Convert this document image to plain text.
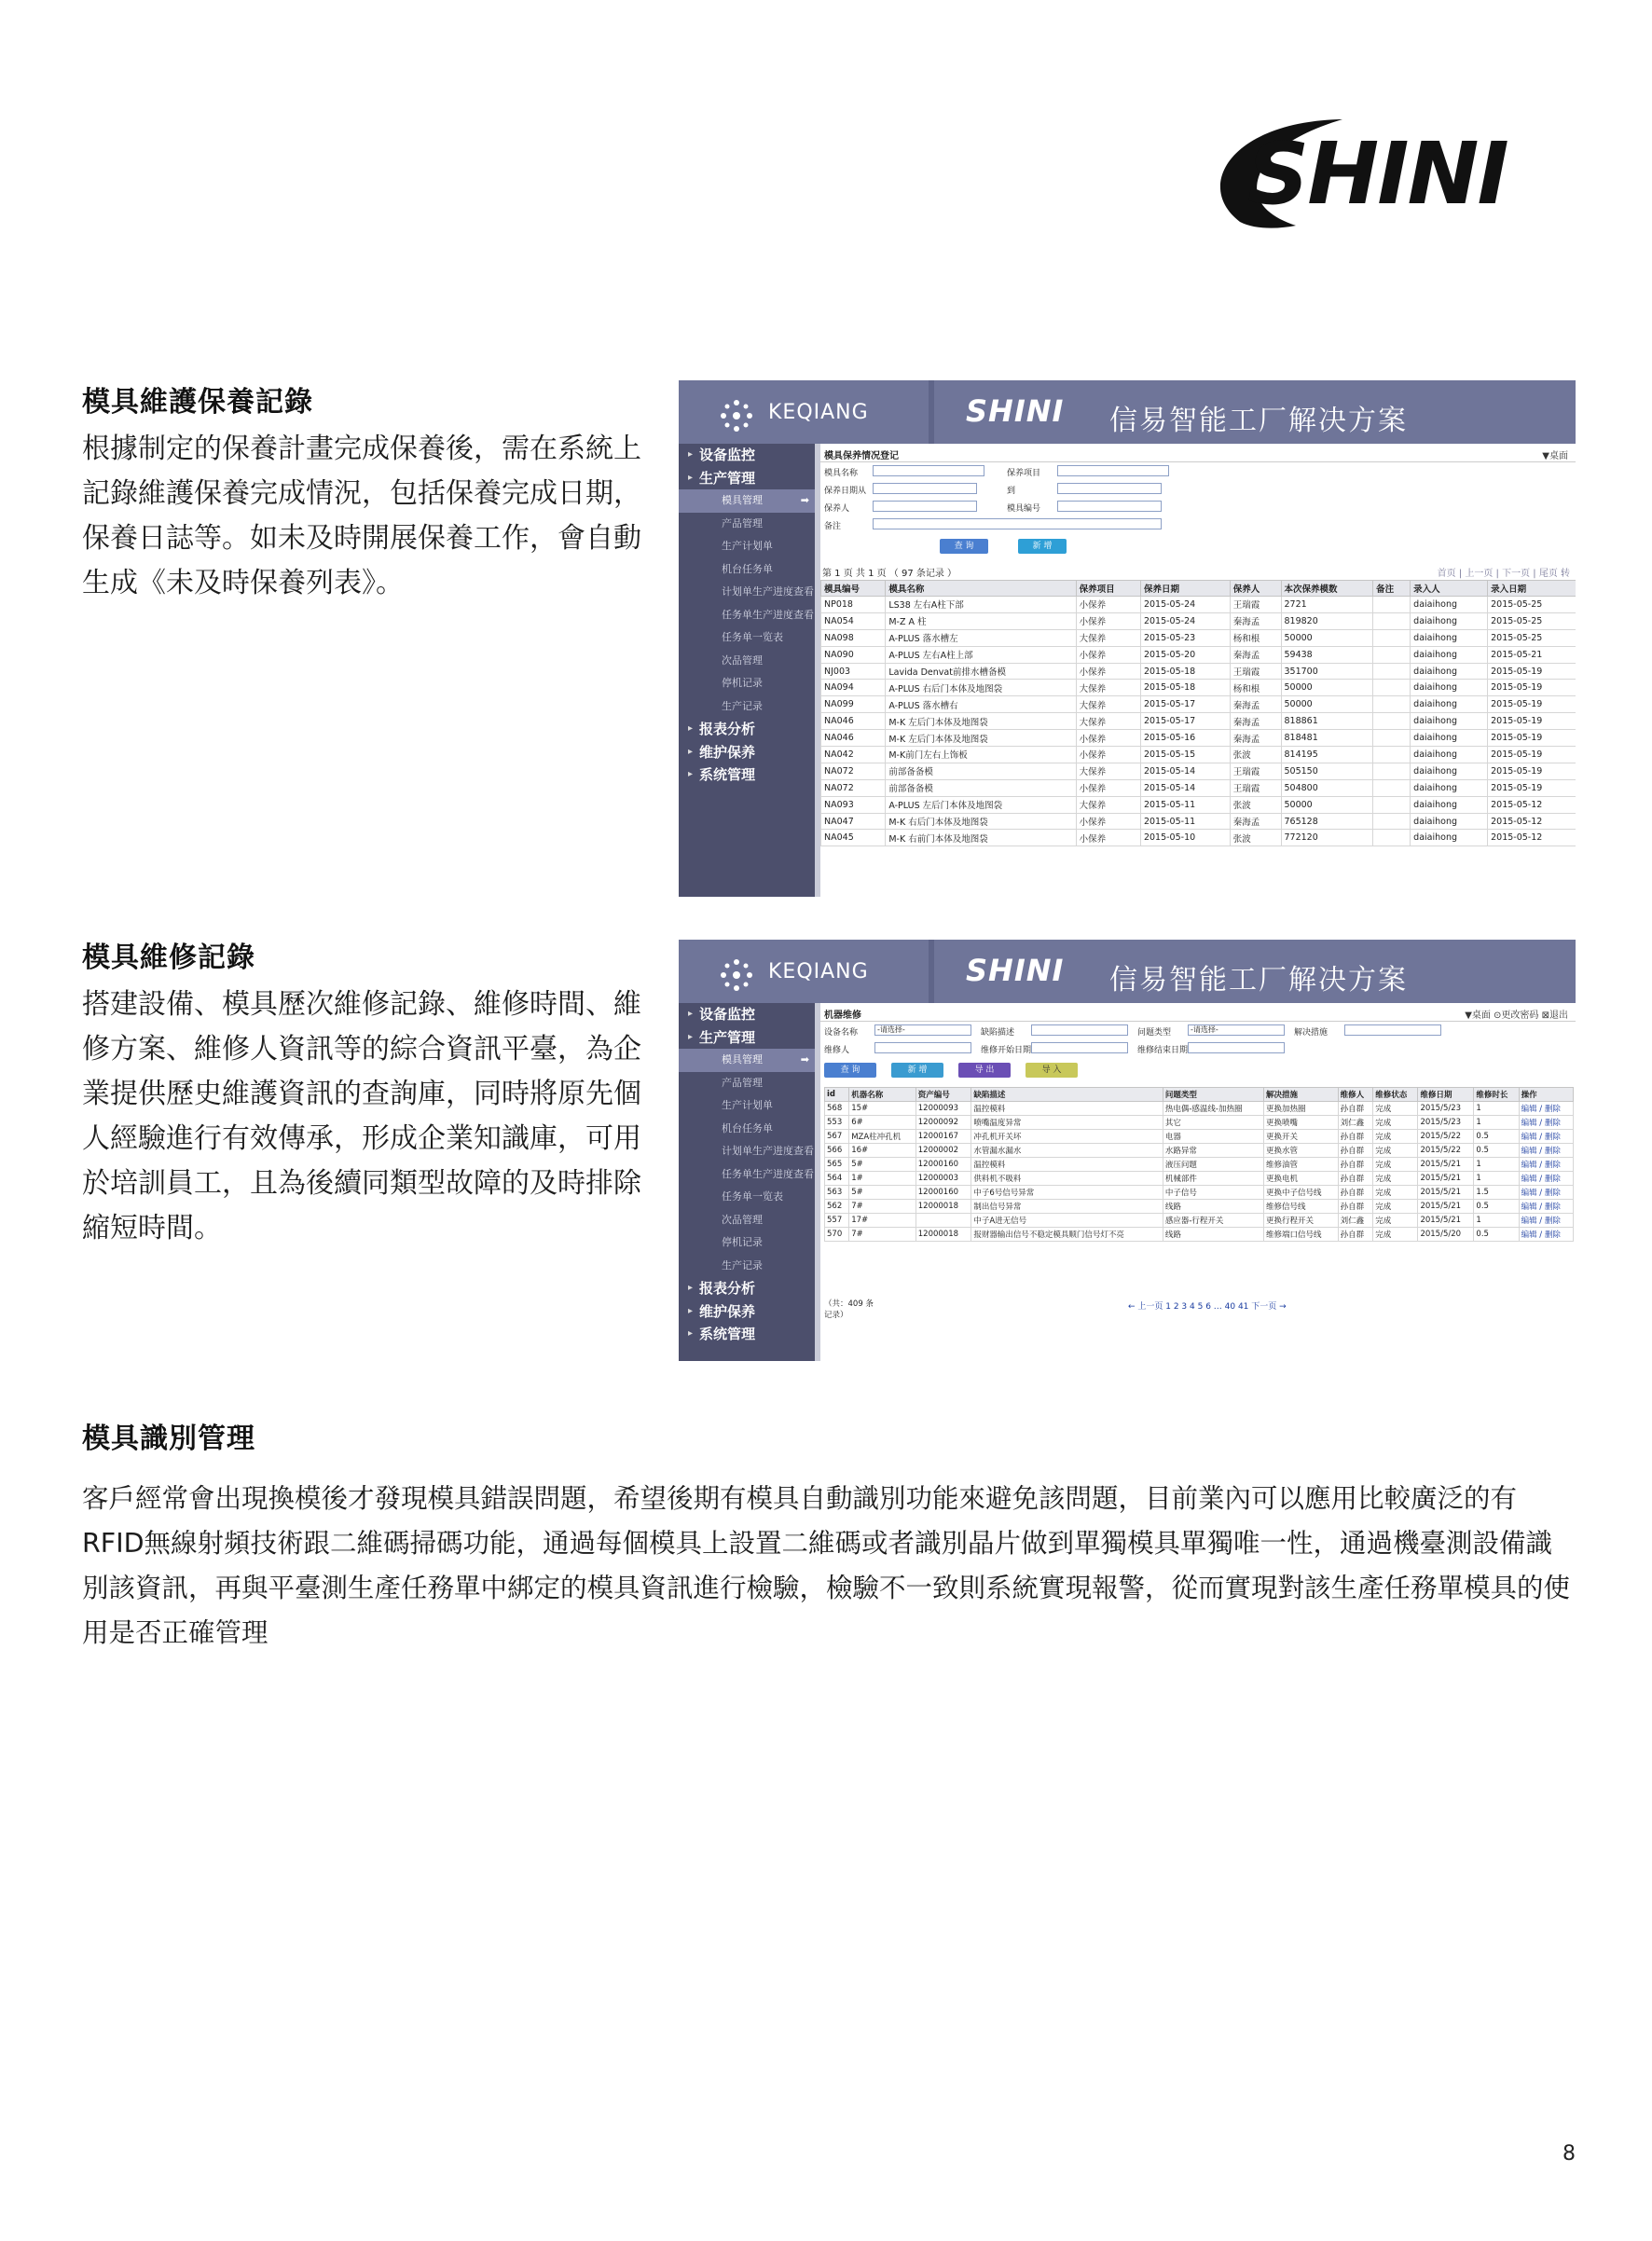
SHINI
模具維護保養記錄

根據制定的保養計畫完成保養後，需在系統上

記錄維護保養完成情況，包括保養完成日期，

保養日誌等。如未及時開展保養工作，會自動

生成《未及時保養列表》。

KEQIANG	SHINI 信易智能工厂解决方案
▸ 设备监控
▸ 生产管理
模具管理 ➡
产品管理
生产计划单
机台任务单
计划单生产进度查看
任务单生产进度查看
任务单一览表
次品管理
停机记录
生产记录
▸ 报表分析
▸ 维护保养
▸ 系统管理
模具保养情况登记	▼桌面
模具名称	保养项目
保养日期从	到
保养人	模具编号
备注
查 询	新 增
第 1 页 共 1 页 （ 97 条记录 ）	首页 | 上一页 | 下一页 | 尾页 转
模具编号	模具名称	保养项目	保养日期	保养人	本次保养模数	备注	录入人	录入日期
NP018	LS38 左右A柱下部	小保养	2015-05-24	王瑞霞	2721		daiaihong	2015-05-25
NA054	M-Z A 柱	小保养	2015-05-24	秦海孟	819820		daiaihong	2015-05-25
NA098	A-PLUS 落水槽左	大保养	2015-05-23	杨和根	50000		daiaihong	2015-05-25
NA090	A-PLUS 左右A柱上部	小保养	2015-05-20	秦海孟	59438		daiaihong	2015-05-21
NJ003	Lavida Denvat前排水槽备模	小保养	2015-05-18	王瑞霞	351700		daiaihong	2015-05-19
NA094	A-PLUS 右后门本体及地图袋	大保养	2015-05-18	杨和根	50000		daiaihong	2015-05-19
NA099	A-PLUS 落水槽右	大保养	2015-05-17	秦海孟	50000		daiaihong	2015-05-19
NA046	M-K 左后门本体及地图袋	大保养	2015-05-17	秦海孟	818861		daiaihong	2015-05-19
NA046	M-K 左后门本体及地图袋	小保养	2015-05-16	秦海孟	818481		daiaihong	2015-05-19
NA042	M-K前门左右上饰板	小保养	2015-05-15	张波	814195		daiaihong	2015-05-19
NA072	前部备备模	大保养	2015-05-14	王瑞霞	505150		daiaihong	2015-05-19
NA072	前部备备模	小保养	2015-05-14	王瑞霞	504800		daiaihong	2015-05-19
NA093	A-PLUS 左后门本体及地图袋	大保养	2015-05-11	张波	50000		daiaihong	2015-05-12
NA047	M-K 右后门本体及地图袋	小保养	2015-05-11	秦海孟	765128		daiaihong	2015-05-12
NA045	M-K 右前门本体及地图袋	小保养	2015-05-10	张波	772120		daiaihong	2015-05-12
模具維修記錄

搭建設備、模具歷次維修記錄、維修時間、維

修方案、維修人資訊等的綜合資訊平臺，為企

業提供歷史維護資訊的查詢庫，同時將原先個

人經驗進行有效傳承，形成企業知識庫，可用

於培訓員工，且為後續同類型故障的及時排除

縮短時間。

KEQIANG	SHINI 信易智能工厂解决方案
▸ 设备监控
▸ 生产管理
模具管理 ➡
产品管理
生产计划单
机台任务单
计划单生产进度查看
任务单生产进度查看
任务单一览表
次品管理
停机记录
生产记录
▸ 报表分析
▸ 维护保养
▸ 系统管理
机器维修	▼桌面 ⊙更改密码 ⊠退出
设备名称	-请选择-	缺陷描述	问题类型	-请选择-	解决措施
维修人	维修开始日期	维修结束日期
查 询	新 增	导 出	导 入
id	机器名称	资产编号	缺陷描述	问题类型	解决措施	维修人	维修状态	维修日期	维修时长	操作
568	15#	12000093	温控模料	热电偶-感温线-加热圈	更换加热圈	孙自群	完成	2015/5/23	1	编辑 / 删除
553	6#	12000092	喷嘴温度异常	其它	更换喷嘴	刘仁鑫	完成	2015/5/23	1	编辑 / 删除
567	MZA柱冲孔机	12000167	冲孔机开关坏	电器	更换开关	孙自群	完成	2015/5/22	0.5	编辑 / 删除
566	16#	12000002	水管漏水漏水	水路异常	更换水管	孙自群	完成	2015/5/22	0.5	编辑 / 删除
565	5#	12000160	温控模料	液压问题	维修油管	孙自群	完成	2015/5/21	1	编辑 / 删除
564	1#	12000003	供料机不吸料	机械部件	更换电机	孙自群	完成	2015/5/21	1	编辑 / 删除
563	5#	12000160	中子6号信号异常	中子信号	更换中子信号线	孙自群	完成	2015/5/21	1.5	编辑 / 删除
562	7#	12000018	制出信号异常	线路	维修信号线	孙自群	完成	2015/5/21	0.5	编辑 / 删除
557	17#		中子A进无信号	感应器-行程开关	更换行程开关	刘仁鑫	完成	2015/5/21	1	编辑 / 删除
570	7#	12000018	报财器输出信号不稳定模具顺门信号灯不亮	线路	维修端口信号线	孙自群	完成	2015/5/20	0.5	编辑 / 删除
（共：409 条记录）
← 上一页 1 2 3 4 5 6 … 40 41 下一页 →
模具識別管理

客戶經常會出現換模後才發現模具錯誤問題，希望後期有模具自動識別功能來避免該問題，目前業內可以應用比較廣泛的有

RFID無線射頻技術跟二維碼掃碼功能，通過每個模具上設置二維碼或者識別晶片做到單獨模具單獨唯一性，通過機臺測設備識

別該資訊，再與平臺測生產任務單中綁定的模具資訊進行檢驗，檢驗不一致則系統實現報警，從而實現對該生產任務單模具的使

用是否正確管理

8
